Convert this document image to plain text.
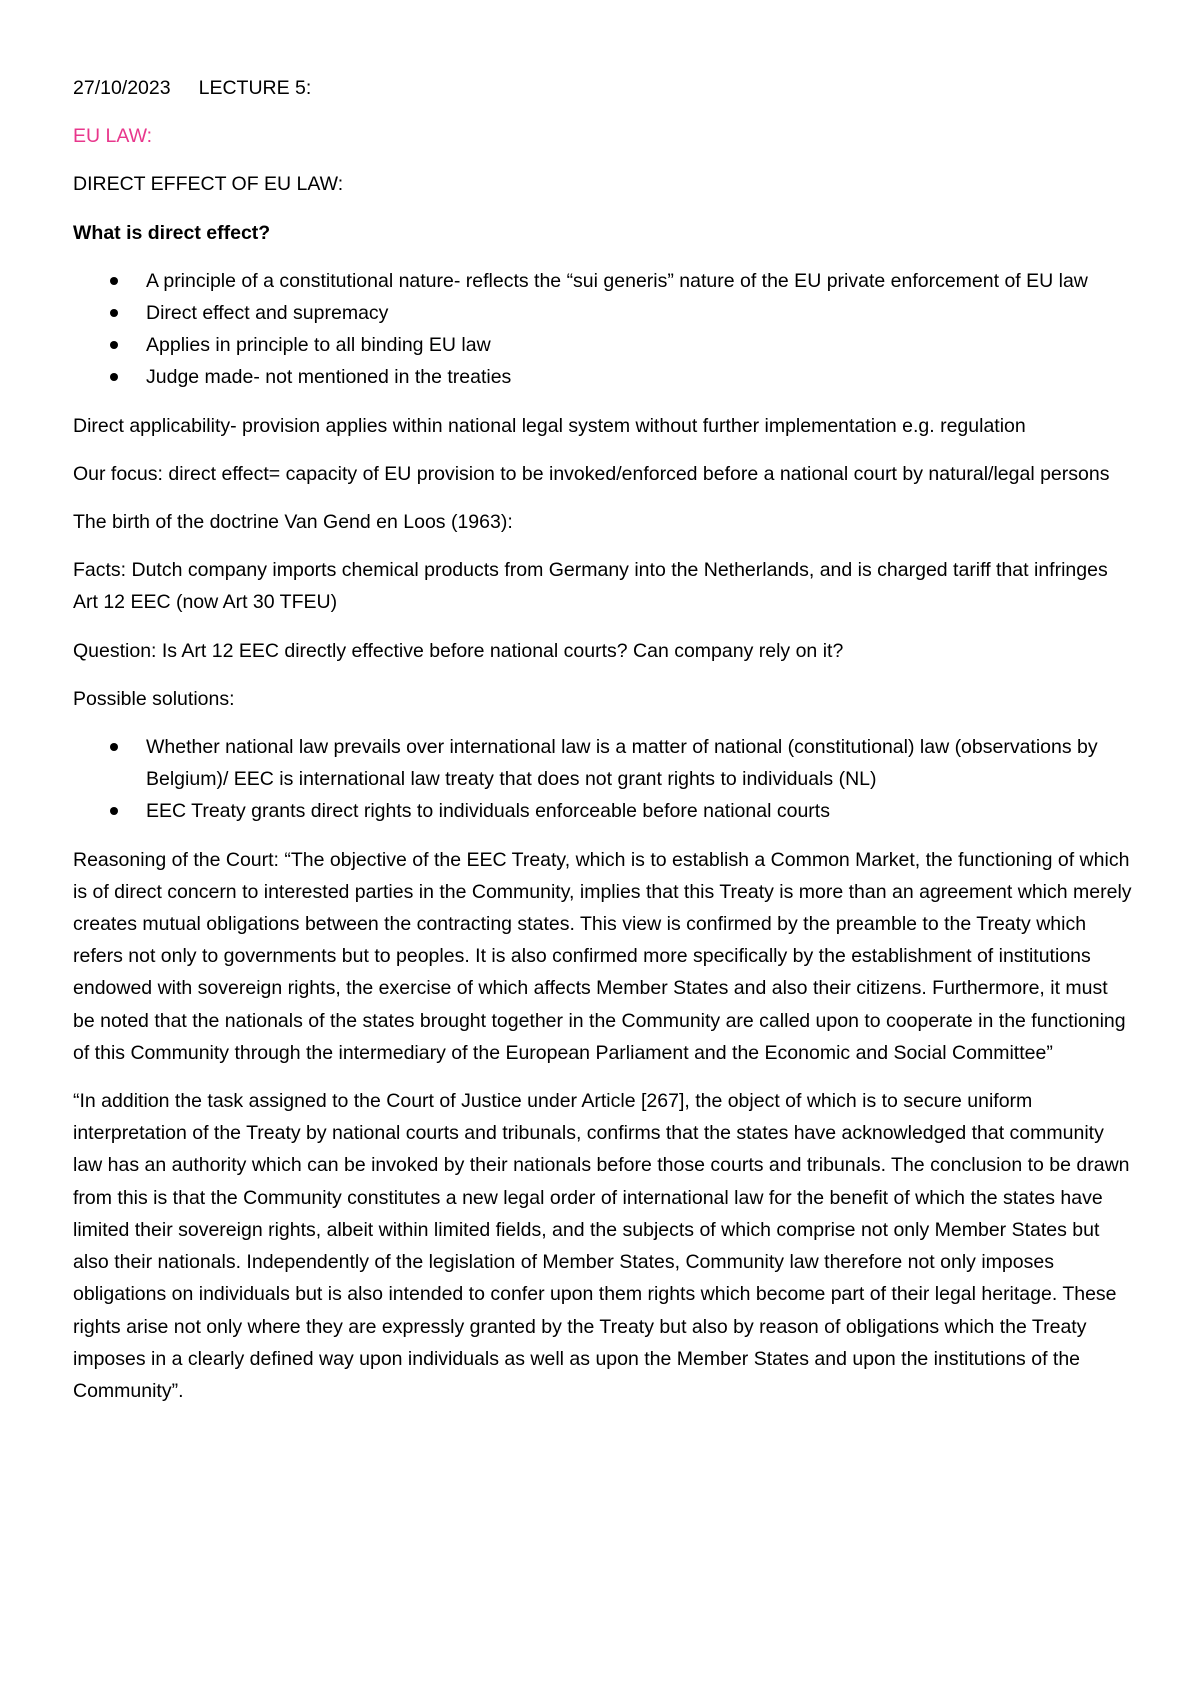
27/10/2023 LECTURE 5:

EU LAW:

DIRECT EFFECT OF EU LAW:

What is direct effect?

A principle of a constitutional nature- reflects the “sui generis” nature of the EU private enforcement of EU law
Direct effect and supremacy
Applies in principle to all binding EU law
Judge made- not mentioned in the treaties

Direct applicability- provision applies within national legal system without further implementation e.g. regulation

Our focus: direct effect= capacity of EU provision to be invoked/enforced before a national court by natural/legal persons

The birth of the doctrine Van Gend en Loos (1963):

Facts: Dutch company imports chemical products from Germany into the Netherlands, and is charged tariff that infringes Art 12 EEC (now Art 30 TFEU)

Question: Is Art 12 EEC directly effective before national courts? Can company rely on it?

Possible solutions:

Whether national law prevails over international law is a matter of national (constitutional) law (observations by Belgium)/ EEC is international law treaty that does not grant rights to individuals (NL)
EEC Treaty grants direct rights to individuals enforceable before national courts

Reasoning of the Court: “The objective of the EEC Treaty, which is to establish a Common Market, the functioning of which is of direct concern to interested parties in the Community, implies that this Treaty is more than an agreement which merely creates mutual obligations between the contracting states. This view is confirmed by the preamble to the Treaty which refers not only to governments but to peoples. It is also confirmed more specifically by the establishment of institutions endowed with sovereign rights, the exercise of which affects Member States and also their citizens. Furthermore, it must be noted that the nationals of the states brought together in the Community are called upon to cooperate in the functioning of this Community through the intermediary of the European Parliament and the Economic and Social Committee”

“In addition the task assigned to the Court of Justice under Article [267], the object of which is to secure uniform interpretation of the Treaty by national courts and tribunals, confirms that the states have acknowledged that community law has an authority which can be invoked by their nationals before those courts and tribunals. The conclusion to be drawn from this is that the Community constitutes a new legal order of international law for the benefit of which the states have limited their sovereign rights, albeit within limited fields, and the subjects of which comprise not only Member States but also their nationals. Independently of the legislation of Member States, Community law therefore not only imposes obligations on individuals but is also intended to confer upon them rights which become part of their legal heritage. These rights arise not only where they are expressly granted by the Treaty but also by reason of obligations which the Treaty imposes in a clearly defined way upon individuals as well as upon the Member States and upon the institutions of the Community”.
